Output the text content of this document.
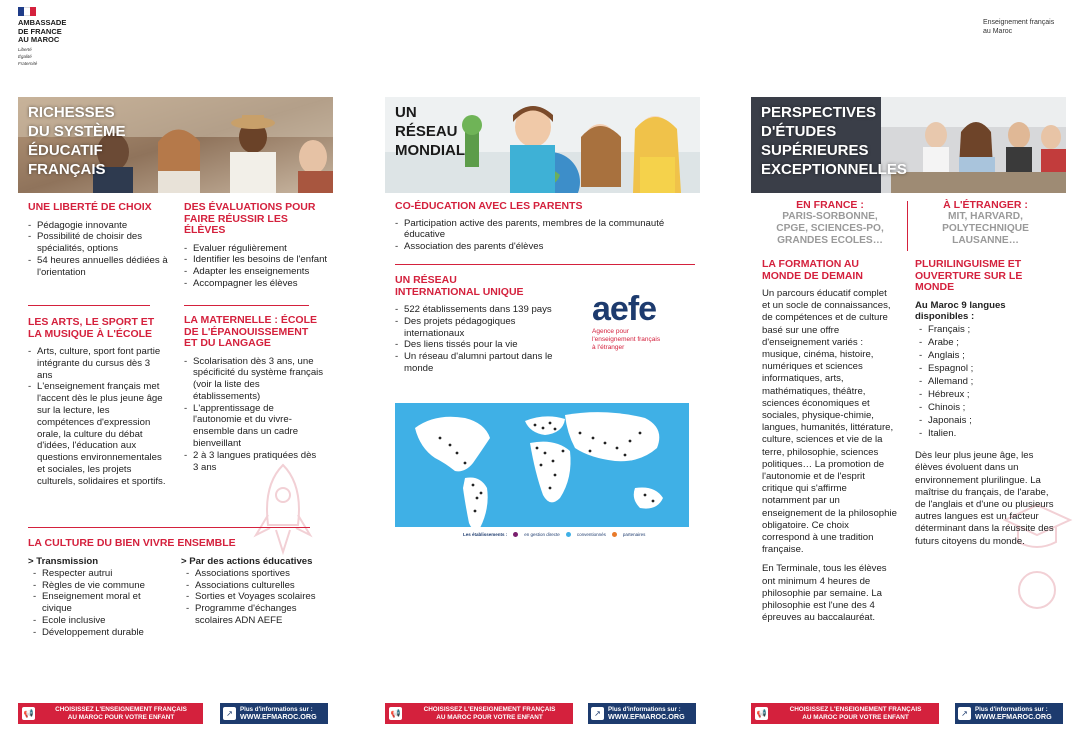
AMBASSADE
DE FRANCE
AU MAROC
Liberté
Égalité
Fraternité
Enseignement français
au Maroc
RICHESSES
DU SYSTÈME
ÉDUCATIF
FRANÇAIS
UNE LIBERTÉ DE CHOIX
- Pédagogie innovante
- Possibilité de choisir des spécialités, options
- 54 heures annuelles dédiées à l'orientation
DES ÉVALUATIONS POUR
FAIRE RÉUSSIR LES ÉLÈVES
- Evaluer régulièrement
- Identifier les besoins de l'enfant
- Adapter les enseignements
- Accompagner les élèves
LES ARTS, LE SPORT ET
LA MUSIQUE À L'ÉCOLE
- Arts, culture, sport font partie intégrante du cursus dès 3 ans
- L'enseignement français met l'accent dès le plus jeune âge sur la lecture, les compétences d'expression orale, la culture du débat d'idées, l'éducation aux questions environnementales et sociales, les projets culturels, solidaires et sportifs.
LA MATERNELLE : ÉCOLE
DE L'ÉPANOUISSEMENT
ET DU LANGAGE
- Scolarisation dès 3 ans, une spécificité du système français (voir la liste des établissements)
- L'apprentissage de l'autonomie et du vivre-ensemble dans un cadre bienveillant
- 2 à 3 langues pratiquées dès 3 ans
LA CULTURE DU BIEN VIVRE ENSEMBLE
> Transmission
- Respecter autrui
- Règles de vie commune
- Enseignement moral et civique
- Ecole inclusive
- Développement durable
> Par des actions éducatives
- Associations sportives
- Associations culturelles
- Sorties et Voyages scolaires
- Programme d'échanges scolaires ADN AEFE
UN
RÉSEAU
MONDIAL
CO-ÉDUCATION AVEC LES PARENTS
- Participation active des parents, membres de la communauté éducative
- Association des parents d'élèves
UN RÉSEAU
INTERNATIONAL UNIQUE
- 522 établissements dans 139 pays
- Des projets pédagogiques internationaux
- Des liens tissés pour la vie
- Un réseau d'alumni partout dans le monde
aefe
Agence pour
l'enseignement français
à l'étranger
Les établissements :	en gestion directe	conventionnés	partenaires
PERSPECTIVES
D'ÉTUDES
SUPÉRIEURES
EXCEPTIONNELLES
EN FRANCE :
PARIS-SORBONNE,
CPGE, SCIENCES-PO,
GRANDES ECOLES…
À L'ÉTRANGER :
MIT, HARVARD,
POLYTECHNIQUE
LAUSANNE…
LA FORMATION AU
MONDE DE DEMAIN
Un parcours éducatif complet et un socle de connaissances, de compétences et de culture basé sur une offre d'enseignement variés : musique, cinéma, histoire, numériques et sciences informatiques, arts, mathématiques, théâtre, sciences économiques et sociales, physique-chimie, langues, humanités, littérature, culture, sciences et vie de la terre, philosophie, sciences politiques… La promotion de l'autonomie et de l'esprit critique qui s'affirme notamment par un enseignement de la philosophie obligatoire. Ce choix correspond à une tradition française.
En Terminale, tous les élèves ont minimum 4 heures de philosophie par semaine. La philosophie est l'une des 4 épreuves au baccalauréat.
PLURILINGUISME ET
OUVERTURE SUR LE MONDE
Au Maroc 9 langues disponibles :
- Français ;
- Arabe ;
- Anglais ;
- Espagnol ;
- Allemand ;
- Hébreux ;
- Chinois ;
- Japonais ;
- Italien.
Dès leur plus jeune âge, les élèves évoluent dans un environnement plurilingue. La maîtrise du français, de l'arabe, de l'anglais et d'une ou plusieurs autres langues est un facteur déterminant dans la réussite des futurs citoyens du monde.
📢	CHOISISSEZ L'ENSEIGNEMENT FRANÇAIS
AU MAROC POUR VOTRE ENFANT	↗	Plus d'informations sur :
WWW.EFMAROC.ORG	📢	CHOISISSEZ L'ENSEIGNEMENT FRANÇAIS
AU MAROC POUR VOTRE ENFANT	↗	Plus d'informations sur :
WWW.EFMAROC.ORG	📢	CHOISISSEZ L'ENSEIGNEMENT FRANÇAIS
AU MAROC POUR VOTRE ENFANT	↗	Plus d'informations sur :
WWW.EFMAROC.ORG
